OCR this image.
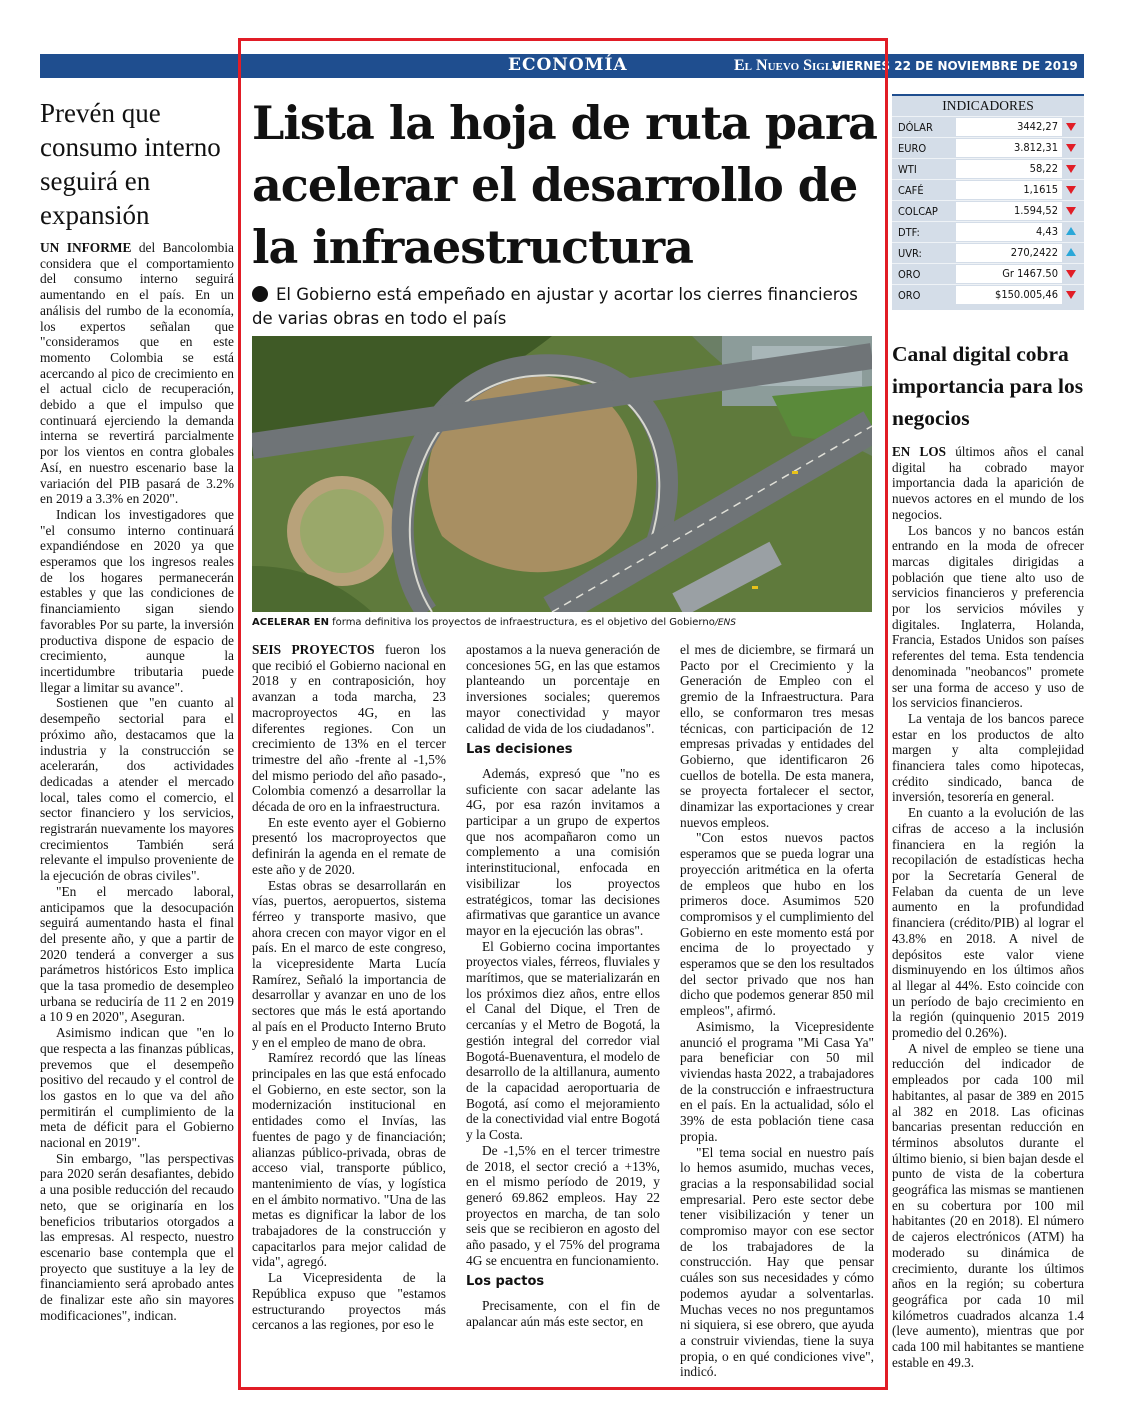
ECONOMÍA	El Nuevo Siglo
VIERNES 22 DE NOVIEMBRE DE 2019 3B
Prevén que consumo interno seguirá en expansión

UN INFORME del Bancolombia considera que el comportamiento del consumo interno seguirá aumentando en el país. En un análisis del rumbo de la economía, los expertos señalan que "consideramos que en este momento Colombia se está acercando al pico de crecimiento en el actual ciclo de recuperación, debido a que el impulso que continuará ejerciendo la demanda interna se revertirá parcialmente por los vientos en contra globales Así, en nuestro escenario base la variación del PIB pasará de 3.2% en 2019 a 3.3% en 2020".

Indican los investigadores que "el consumo interno continuará expandiéndose en 2020 ya que esperamos que los ingresos reales de los hogares permanecerán estables y que las condiciones de financiamiento sigan siendo favorables Por su parte, la inversión productiva dispone de espacio de crecimiento, aunque la incertidumbre tributaria puede llegar a limitar su avance".

Sostienen que "en cuanto al desempeño sectorial para el próximo año, destacamos que la industria y la construcción se acelerarán, dos actividades dedicadas a atender el mercado local, tales como el comercio, el sector financiero y los servicios, registrarán nuevamente los mayores crecimientos También será relevante el impulso proveniente de la ejecución de obras civiles".

"En el mercado laboral, anticipamos que la desocupación seguirá aumentando hasta el final del presente año, y que a partir de 2020 tenderá a converger a sus parámetros históricos Esto implica que la tasa promedio de desempleo urbana se reduciría de 11 2 en 2019 a 10 9 en 2020", Aseguran.

Asimismo indican que "en lo que respecta a las finanzas públicas, prevemos que el desempeño positivo del recaudo y el control de los gastos en lo que va del año permitirán el cumplimiento de la meta de déficit para el Gobierno nacional en 2019".

Sin embargo, "las perspectivas para 2020 serán desafiantes, debido a una posible reducción del recaudo neto, que se originaría en los beneficios tributarios otorgados a las empresas. Al respecto, nuestro escenario base contempla que el proyecto que sustituye a la ley de financiamiento será aprobado antes de finalizar este año sin mayores modificaciones", indican.

Lista la hoja de ruta para acelerar el desarrollo de la infraestructura
El Gobierno está empeñado en ajustar y acortar los cierres financieros de varias obras en todo el país
ACELERAR EN forma definitiva los proyectos de infraestructura, es el objetivo del Gobierno/ENS

SEIS PROYECTOS fueron los que recibió el Gobierno nacional en 2018 y en contraposición, hoy avanzan a toda marcha, 23 macroproyectos 4G, en las diferentes regiones. Con un crecimiento de 13% en el tercer trimestre del año -frente al -1,5% del mismo periodo del año pasado-, Colombia comenzó a desarrollar la década de oro en la infraestructura.

En este evento ayer el Gobierno presentó los macroproyectos que definirán la agenda en el remate de este año y de 2020.

Estas obras se desarrollarán en vías, puertos, aeropuertos, sistema férreo y transporte masivo, que ahora crecen con mayor vigor en el país. En el marco de este congreso, la vicepresidente Marta Lucía Ramírez, Señaló la importancia de desarrollar y avanzar en uno de los sectores que más le está aportando al país en el Producto Interno Bruto y en el empleo de mano de obra.

Ramírez recordó que las líneas principales en las que está enfocado el Gobierno, en este sector, son la modernización institucional en entidades como el Invías, las fuentes de pago y de financiación; alianzas público-privada, obras de acceso vial, transporte público, mantenimiento de vías, y logística en el ámbito normativo. "Una de las metas es dignificar la labor de los trabajadores de la construcción y capacitarlos para mejor calidad de vida", agregó.

La Vicepresidenta de la República expuso que "estamos estructurando proyectos más cercanos a las regiones, por eso le

apostamos a la nueva generación de concesiones 5G, en las que estamos planteando un porcentaje en inversiones sociales; queremos mayor conectividad y mayor calidad de vida de los ciudadanos".

Las decisiones

Además, expresó que "no es suficiente con sacar adelante las 4G, por esa razón invitamos a participar a un grupo de expertos que nos acompañaron como un complemento a una comisión interinstitucional, enfocada en visibilizar los proyectos estratégicos, tomar las decisiones afirmativas que garantice un avance mayor en la ejecución las obras".

El Gobierno cocina importantes proyectos viales, férreos, fluviales y marítimos, que se materializarán en los próximos diez años, entre ellos el Canal del Dique, el Tren de cercanías y el Metro de Bogotá, la gestión integral del corredor vial Bogotá-Buenaventura, el modelo de desarrollo de la altillanura, aumento de la capacidad aeroportuaria de Bogotá, así como el mejoramiento de la conectividad vial entre Bogotá y la Costa.

De -1,5% en el tercer trimestre de 2018, el sector creció a +13%, en el mismo período de 2019, y generó 69.862 empleos. Hay 22 proyectos en marcha, de tan solo seis que se recibieron en agosto del año pasado, y el 75% del programa 4G se encuentra en funcionamiento.

Los pactos

Precisamente, con el fin de apalancar aún más este sector, en

el mes de diciembre, se firmará un Pacto por el Crecimiento y la Generación de Empleo con el gremio de la Infraestructura. Para ello, se conformaron tres mesas técnicas, con participación de 12 empresas privadas y entidades del Gobierno, que identificaron 26 cuellos de botella. De esta manera, se proyecta fortalecer el sector, dinamizar las exportaciones y crear nuevos empleos.

"Con estos nuevos pactos esperamos que se pueda lograr una proyección aritmética en la oferta de empleos que hubo en los primeros doce. Asumimos 520 compromisos y el cumplimiento del Gobierno en este momento está por encima de lo proyectado y esperamos que se den los resultados del sector privado que nos han dicho que podemos generar 850 mil empleos", afirmó.

Asimismo, la Vicepresidente anunció el programa "Mi Casa Ya" para beneficiar con 50 mil viviendas hasta 2022, a trabajadores de la construcción e infraestructura en el país. En la actualidad, sólo el 39% de esta población tiene casa propia.

"El tema social en nuestro país lo hemos asumido, muchas veces, gracias a la responsabilidad social empresarial. Pero este sector debe tener visibilización y tener un compromiso mayor con ese sector de los trabajadores de la construcción. Hay que pensar cuáles son sus necesidades y cómo podemos ayudar a solventarlas. Muchas veces no nos preguntamos ni siquiera, si ese obrero, que ayuda a construir viviendas, tiene la suya propia, o en qué condiciones vive", indicó.

INDICADORES
DÓLAR	3442,27
EURO	3.812,31
WTI	58,22
CAFÉ	1,1615
COLCAP	1.594,52
DTF:	4,43
UVR:	270,2422
ORO	Gr 1467.50
ORO	$150.005,46
Canal digital cobra importancia para los negocios

EN LOS últimos años el canal digital ha cobrado mayor importancia dada la aparición de nuevos actores en el mundo de los negocios.

Los bancos y no bancos están entrando en la moda de ofrecer marcas digitales dirigidas a población que tiene alto uso de servicios financieros y preferencia por los servicios móviles y digitales. Inglaterra, Holanda, Francia, Estados Unidos son países referentes del tema. Esta tendencia denominada "neobancos" promete ser una forma de acceso y uso de los servicios financieros.

La ventaja de los bancos parece estar en los productos de alto margen y alta complejidad financiera tales como hipotecas, crédito sindicado, banca de inversión, tesorería en general.

En cuanto a la evolución de las cifras de acceso a la inclusión financiera en la región la recopilación de estadísticas hecha por la Secretaría General de Felaban da cuenta de un leve aumento en la profundidad financiera (crédito/PIB) al lograr el 43.8% en 2018. A nivel de depósitos este valor viene disminuyendo en los últimos años al llegar al 44%. Esto coincide con un período de bajo crecimiento en la región (quinquenio 2015 2019 promedio del 0.26%).

A nivel de empleo se tiene una reducción del indicador de empleados por cada 100 mil habitantes, al pasar de 389 en 2015 al 382 en 2018. Las oficinas bancarias presentan reducción en términos absolutos durante el último bienio, si bien bajan desde el punto de vista de la cobertura geográfica las mismas se mantienen en su cobertura por 100 mil habitantes (20 en 2018). El número de cajeros electrónicos (ATM) ha moderado su dinámica de crecimiento, durante los últimos años en la región; su cobertura geográfica por cada 10 mil kilómetros cuadrados alcanza 1.4 (leve aumento), mientras que por cada 100 mil habitantes se mantiene estable en 49.3.
